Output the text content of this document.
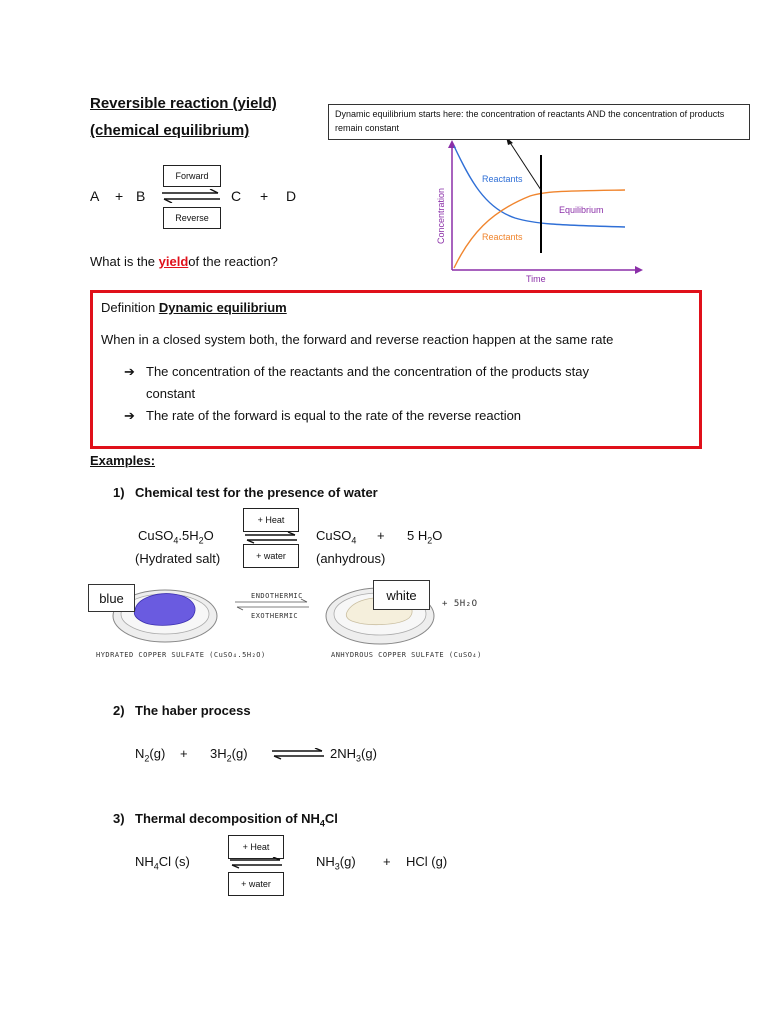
Reversible reaction (yield)
(chemical equilibrium)
A + B
Forward
Reverse
C + D
What is the yieldof the reaction?
Dynamic equilibrium starts here: the concentration of reactants AND the concentration of products remain constant
Reactants
Reactants
Equilibrium
Time
Concentration
Definition Dynamic equilibrium
When in a closed system both, the forward and reverse reaction happen at the same rate
➔ The concentration of the reactants and the concentration of the products stay
constant
➔ The rate of the forward is equal to the rate of the reverse reaction
Examples:
1) Chemical test for the presence of water
$CuSO_4.5H_2O$
(Hydrated salt)
+ Heat
+ water
CuSO$_4$ + 5 $H_2O$
(anhydrous)
blue	white
ENDOTHERMIC
EXOTHERMIC
+ 5H₂O
HYDRATED COPPER SULFATE (CuSO₄.5H₂O)	ANHYDROUS COPPER SULFATE (CuSO₄)
2) The haber process
$N_2(g) + 3H_2(g)$ ⇌ $2NH_3(g)$
3) Thermal decomposition of $NH_4Cl$
+ Heat
+ water
$NH_4Cl$ (s)	$NH_3(g)$ + HCl (g)
